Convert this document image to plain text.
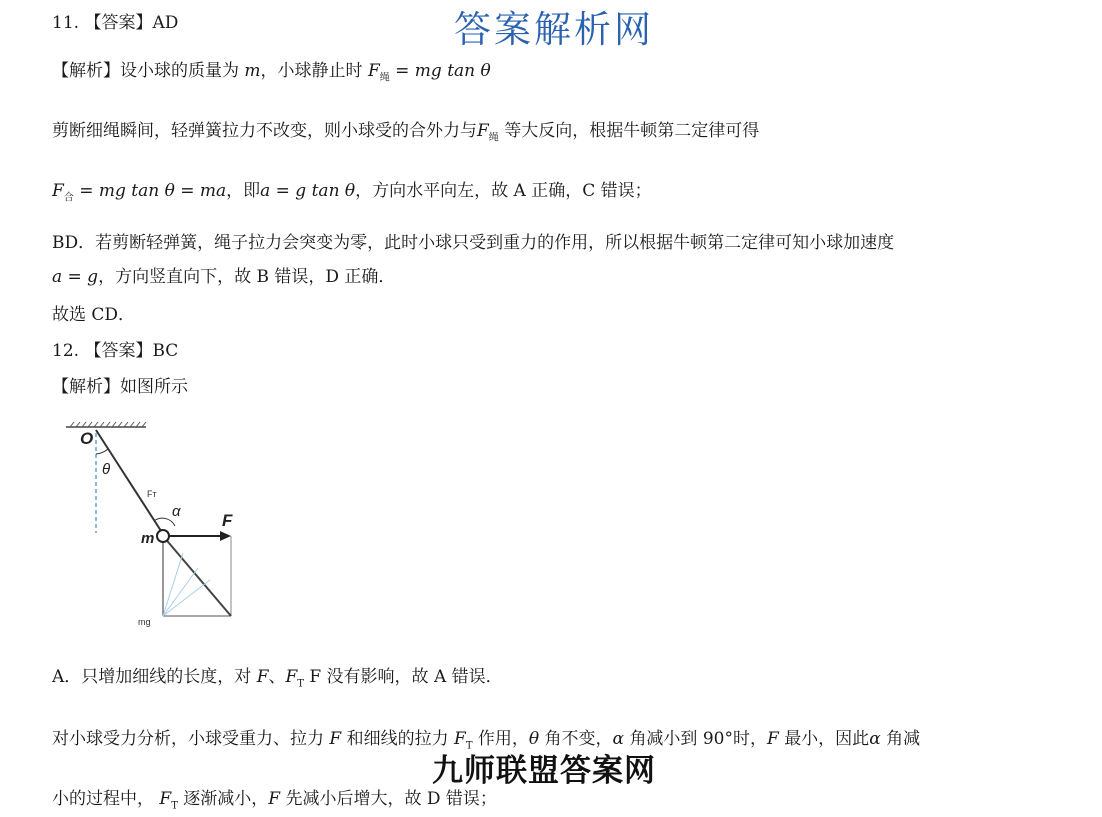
答案解析网
11. 【答案】AD
【解析】设小球的质量为 m，小球静止时 $F_绳$ = mg tan θ
剪断细绳瞬间，轻弹簧拉力不改变，则小球受的合外力与$F_绳$ 等大反向，根据牛顿第二定律可得
$F_合$ = mg tan θ = ma，即a = g tan θ，方向水平向左，故 A 正确，C 错误；
BD．若剪断轻弹簧，绳子拉力会突变为零，此时小球只受到重力的作用，所以根据牛顿第二定律可知小球加速度
a = g，方向竖直向下，故 B 错误，D 正确．
故选 CD．
12. 【答案】BC
【解析】如图所示
O
θ
Fᴛ
α F
m
mg
A．只增加细线的长度，对 F、$F_T$ F 没有影响，故 A 错误．
对小球受力分析，小球受重力、拉力 F 和细线的拉力 $F_T$ 作用，θ 角不变，α 角减小到 90°时，F 最小，因此α 角减
九师联盟答案网
小的过程中， $F_T$ 逐渐减小，F 先减小后增大，故 D 错误；
